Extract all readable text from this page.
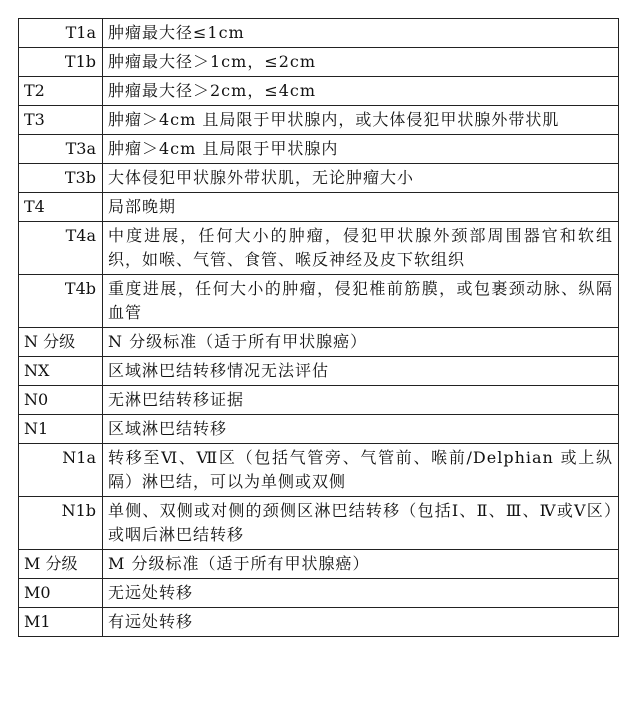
T1a	肿瘤最大径≤1cm
T1b	肿瘤最大径＞1cm，≤2cm
T2	肿瘤最大径＞2cm，≤4cm
T3	肿瘤＞4cm 且局限于甲状腺内，或大体侵犯甲状腺外带状肌
T3a	肿瘤＞4cm 且局限于甲状腺内
T3b	大体侵犯甲状腺外带状肌，无论肿瘤大小
T4	局部晚期
T4a	中度进展，任何大小的肿瘤，侵犯甲状腺外颈部周围器官和软组织，如喉、气管、食管、喉反神经及皮下软组织
T4b	重度进展，任何大小的肿瘤，侵犯椎前筋膜，或包裹颈动脉、纵隔血管
N 分级	N 分级标准（适于所有甲状腺癌）
NX	区域淋巴结转移情况无法评估
N0	无淋巴结转移证据
N1	区域淋巴结转移
N1a	转移至Ⅵ、Ⅶ区（包括气管旁、气管前、喉前/Delphian 或上纵隔）淋巴结，可以为单侧或双侧
N1b	单侧、双侧或对侧的颈侧区淋巴结转移（包括Ⅰ、Ⅱ、Ⅲ、Ⅳ或Ⅴ区）或咽后淋巴结转移
M 分级	M 分级标准（适于所有甲状腺癌）
M0	无远处转移
M1	有远处转移
